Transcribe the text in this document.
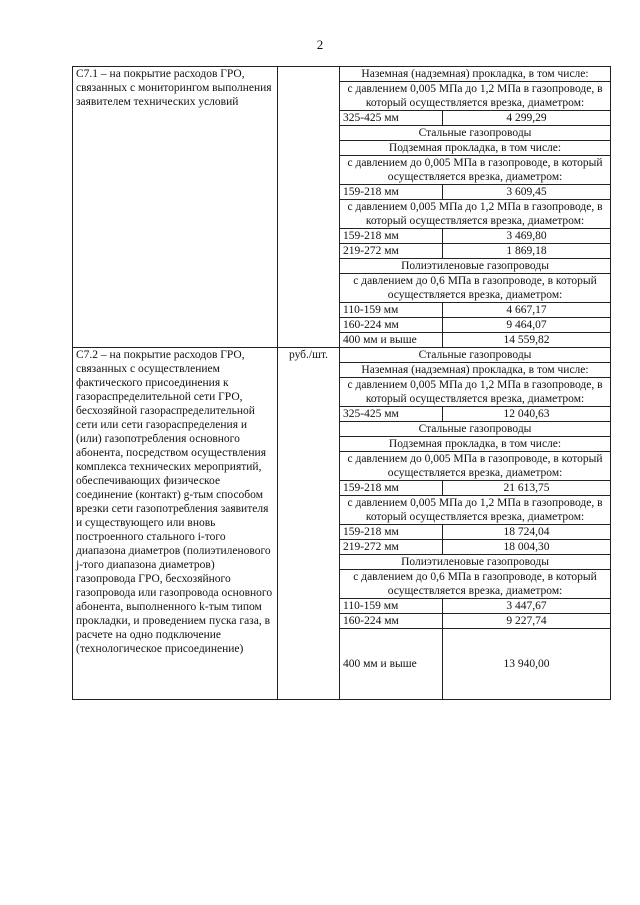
2
С7.1 – на покрытие расходов ГРО, связанных с мониторингом выполнения заявителем технических условий		Наземная (надземная) прокладка, в том числе:	
		с давлением 0,005 МПа до 1,2 МПа в газопроводе, в который осуществляется врезка, диаметром:	
		325-425 мм	4 299,29
		Стальные газопроводы	
		Подземная прокладка, в том числе:	
		с давлением до 0,005 МПа в газопроводе, в который осуществляется врезка, диаметром:	
		159-218 мм	3 609,45
		с давлением 0,005 МПа до 1,2 МПа в газопроводе, в который осуществляется врезка, диаметром:	
		159-218 мм	3 469,80
		219-272 мм	1 869,18
		Полиэтиленовые газопроводы	
		с давлением до 0,6 МПа в газопроводе, в который осуществляется врезка, диаметром:	
		110-159 мм	4 667,17
		160-224 мм	9 464,07
		400 мм и выше	14 559,82
С7.2 – на покрытие расходов ГРО, связанных с осуществлением фактического присоединения к газораспределительной сети ГРО, бесхозяйной газораспределительной сети или сети газораспределения и (или) газопотребления основного абонента, посредством осуществления комплекса технических мероприятий, обеспечивающих физическое соединение (контакт) g-тым способом врезки сети газопотребления заявителя и существующего или вновь построенного стального i-того диапазона диаметров (полиэтиленового j-того диапазона диаметров) газопровода ГРО, бесхозяйного газопровода или газопровода основного абонента, выполненного k-тым типом прокладки, и проведением пуска газа, в расчете на одно подключение (технологическое присоединение)	руб./шт.	Стальные газопроводы	
		Наземная (надземная) прокладка, в том числе:	
		с давлением 0,005 МПа до 1,2 МПа в газопроводе, в который осуществляется врезка, диаметром:	
		325-425 мм	12 040,63
		Стальные газопроводы	
		Подземная прокладка, в том числе:	
		с давлением до 0,005 МПа в газопроводе, в который осуществляется врезка, диаметром:	
		159-218 мм	21 613,75
		с давлением 0,005 МПа до 1,2 МПа в газопроводе, в который осуществляется врезка, диаметром:	
		159-218 мм	18 724,04
		219-272 мм	18 004,30
		Полиэтиленовые газопроводы	
		с давлением до 0,6 МПа в газопроводе, в который осуществляется врезка, диаметром:	
		110-159 мм	3 447,67
		160-224 мм	9 227,74
		400 мм и выше	13 940,00
